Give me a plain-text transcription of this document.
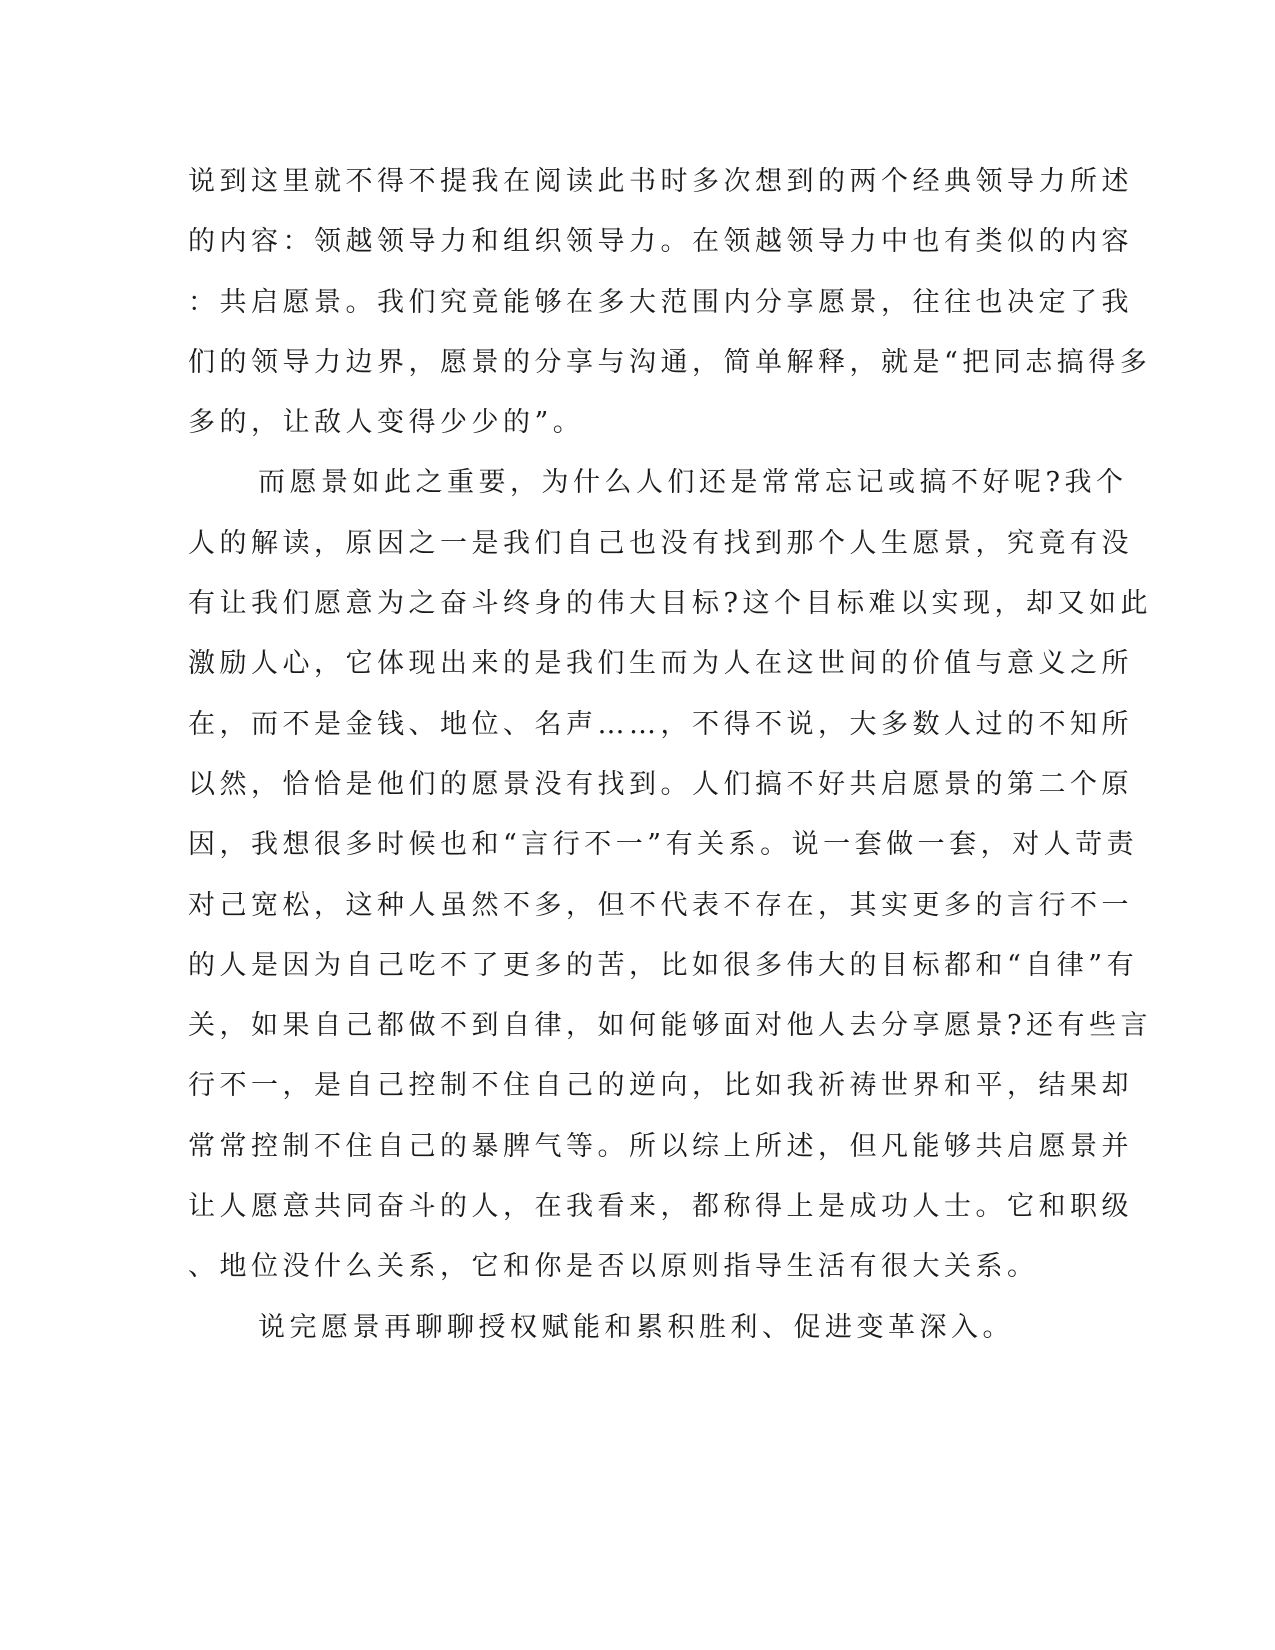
说到这里就不得不提我在阅读此书时多次想到的两个经典领导力所述
的内容：领越领导力和组织领导力。在领越领导力中也有类似的内容
：共启愿景。我们究竟能够在多大范围内分享愿景，往往也决定了我
们的领导力边界，愿景的分享与沟通，简单解释，就是“把同志搞得多
多的，让敌人变得少少的”。
而愿景如此之重要，为什么人们还是常常忘记或搞不好呢?我个
人的解读，原因之一是我们自己也没有找到那个人生愿景，究竟有没
有让我们愿意为之奋斗终身的伟大目标?这个目标难以实现，却又如此
激励人心，它体现出来的是我们生而为人在这世间的价值与意义之所
在，而不是金钱、地位、名声……，不得不说，大多数人过的不知所
以然，恰恰是他们的愿景没有找到。人们搞不好共启愿景的第二个原
因，我想很多时候也和“言行不一”有关系。说一套做一套，对人苛责
对己宽松，这种人虽然不多，但不代表不存在，其实更多的言行不一
的人是因为自己吃不了更多的苦，比如很多伟大的目标都和“自律”有
关，如果自己都做不到自律，如何能够面对他人去分享愿景?还有些言
行不一，是自己控制不住自己的逆向，比如我祈祷世界和平，结果却
常常控制不住自己的暴脾气等。所以综上所述，但凡能够共启愿景并
让人愿意共同奋斗的人，在我看来，都称得上是成功人士。它和职级
、地位没什么关系，它和你是否以原则指导生活有很大关系。
说完愿景再聊聊授权赋能和累积胜利、促进变革深入。
